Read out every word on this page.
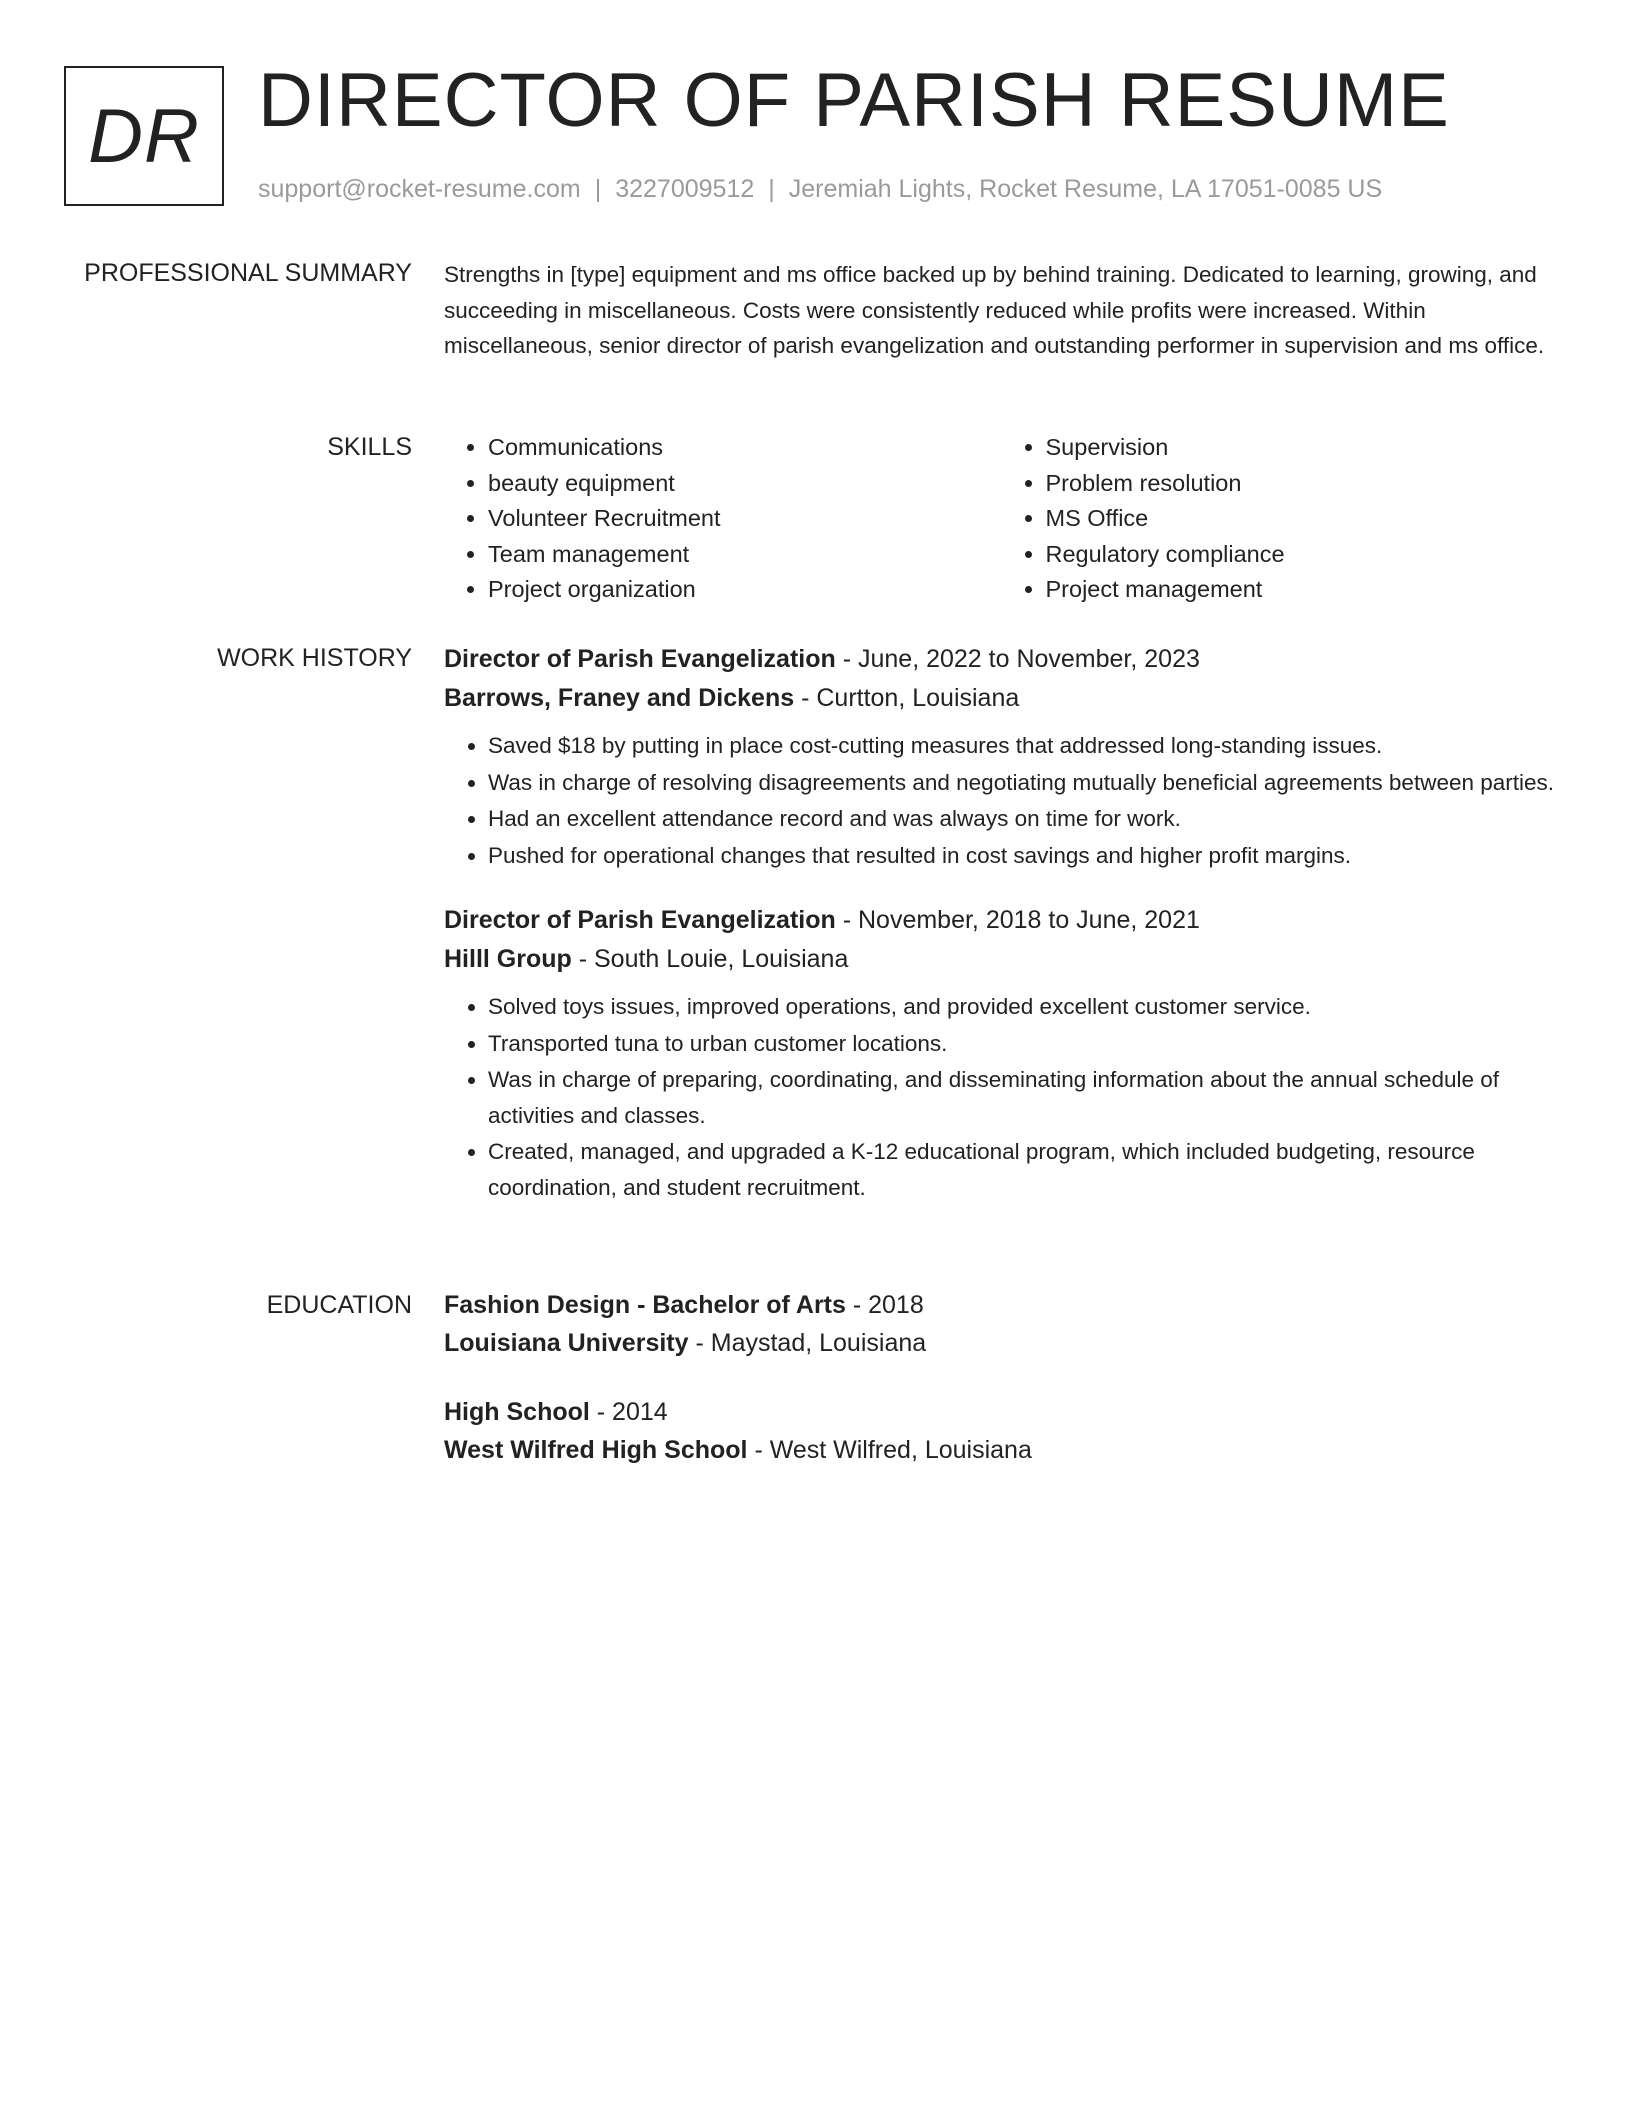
DR DIRECTOR OF PARISH RESUME
support@rocket-resume.com | 3227009512 | Jeremiah Lights, Rocket Resume, LA 17051-0085 US
PROFESSIONAL SUMMARY Strengths in [type] equipment and ms office backed up by behind training. Dedicated to learning, growing, and succeeding in miscellaneous. Costs were consistently reduced while profits were increased. Within miscellaneous, senior director of parish evangelization and outstanding performer in supervision and ms office.

SKILLS
•	Communications
• beauty equipment
• Volunteer Recruitment
• Team management
• Project organization
• Supervision
• Problem resolution
• MS Office
• Regulatory compliance
• Project management
WORK HISTORY Director of Parish Evangelization - June, 2022 to November, 2023
Barrows, Franey and Dickens - Curtton, Louisiana
• Saved $18 by putting in place cost-cutting measures that addressed long-standing issues.
• Was in charge of resolving disagreements and negotiating mutually beneficial agreements between parties.
• Had an excellent attendance record and was always on time for work.
• Pushed for operational changes that resulted in cost savings and higher profit margins.
Director of Parish Evangelization - November, 2018 to June, 2021
Hilll Group - South Louie, Louisiana
• Solved toys issues, improved operations, and provided excellent customer service.
• Transported tuna to urban customer locations.
• Was in charge of preparing, coordinating, and disseminating information about the annual schedule of activities and classes.
• Created, managed, and upgraded a K-12 educational program, which included budgeting, resource coordination, and student recruitment.
EDUCATION Fashion Design - Bachelor of Arts - 2018
Louisiana University - Maystad, Louisiana
High School - 2014
West Wilfred High School - West Wilfred, Louisiana
